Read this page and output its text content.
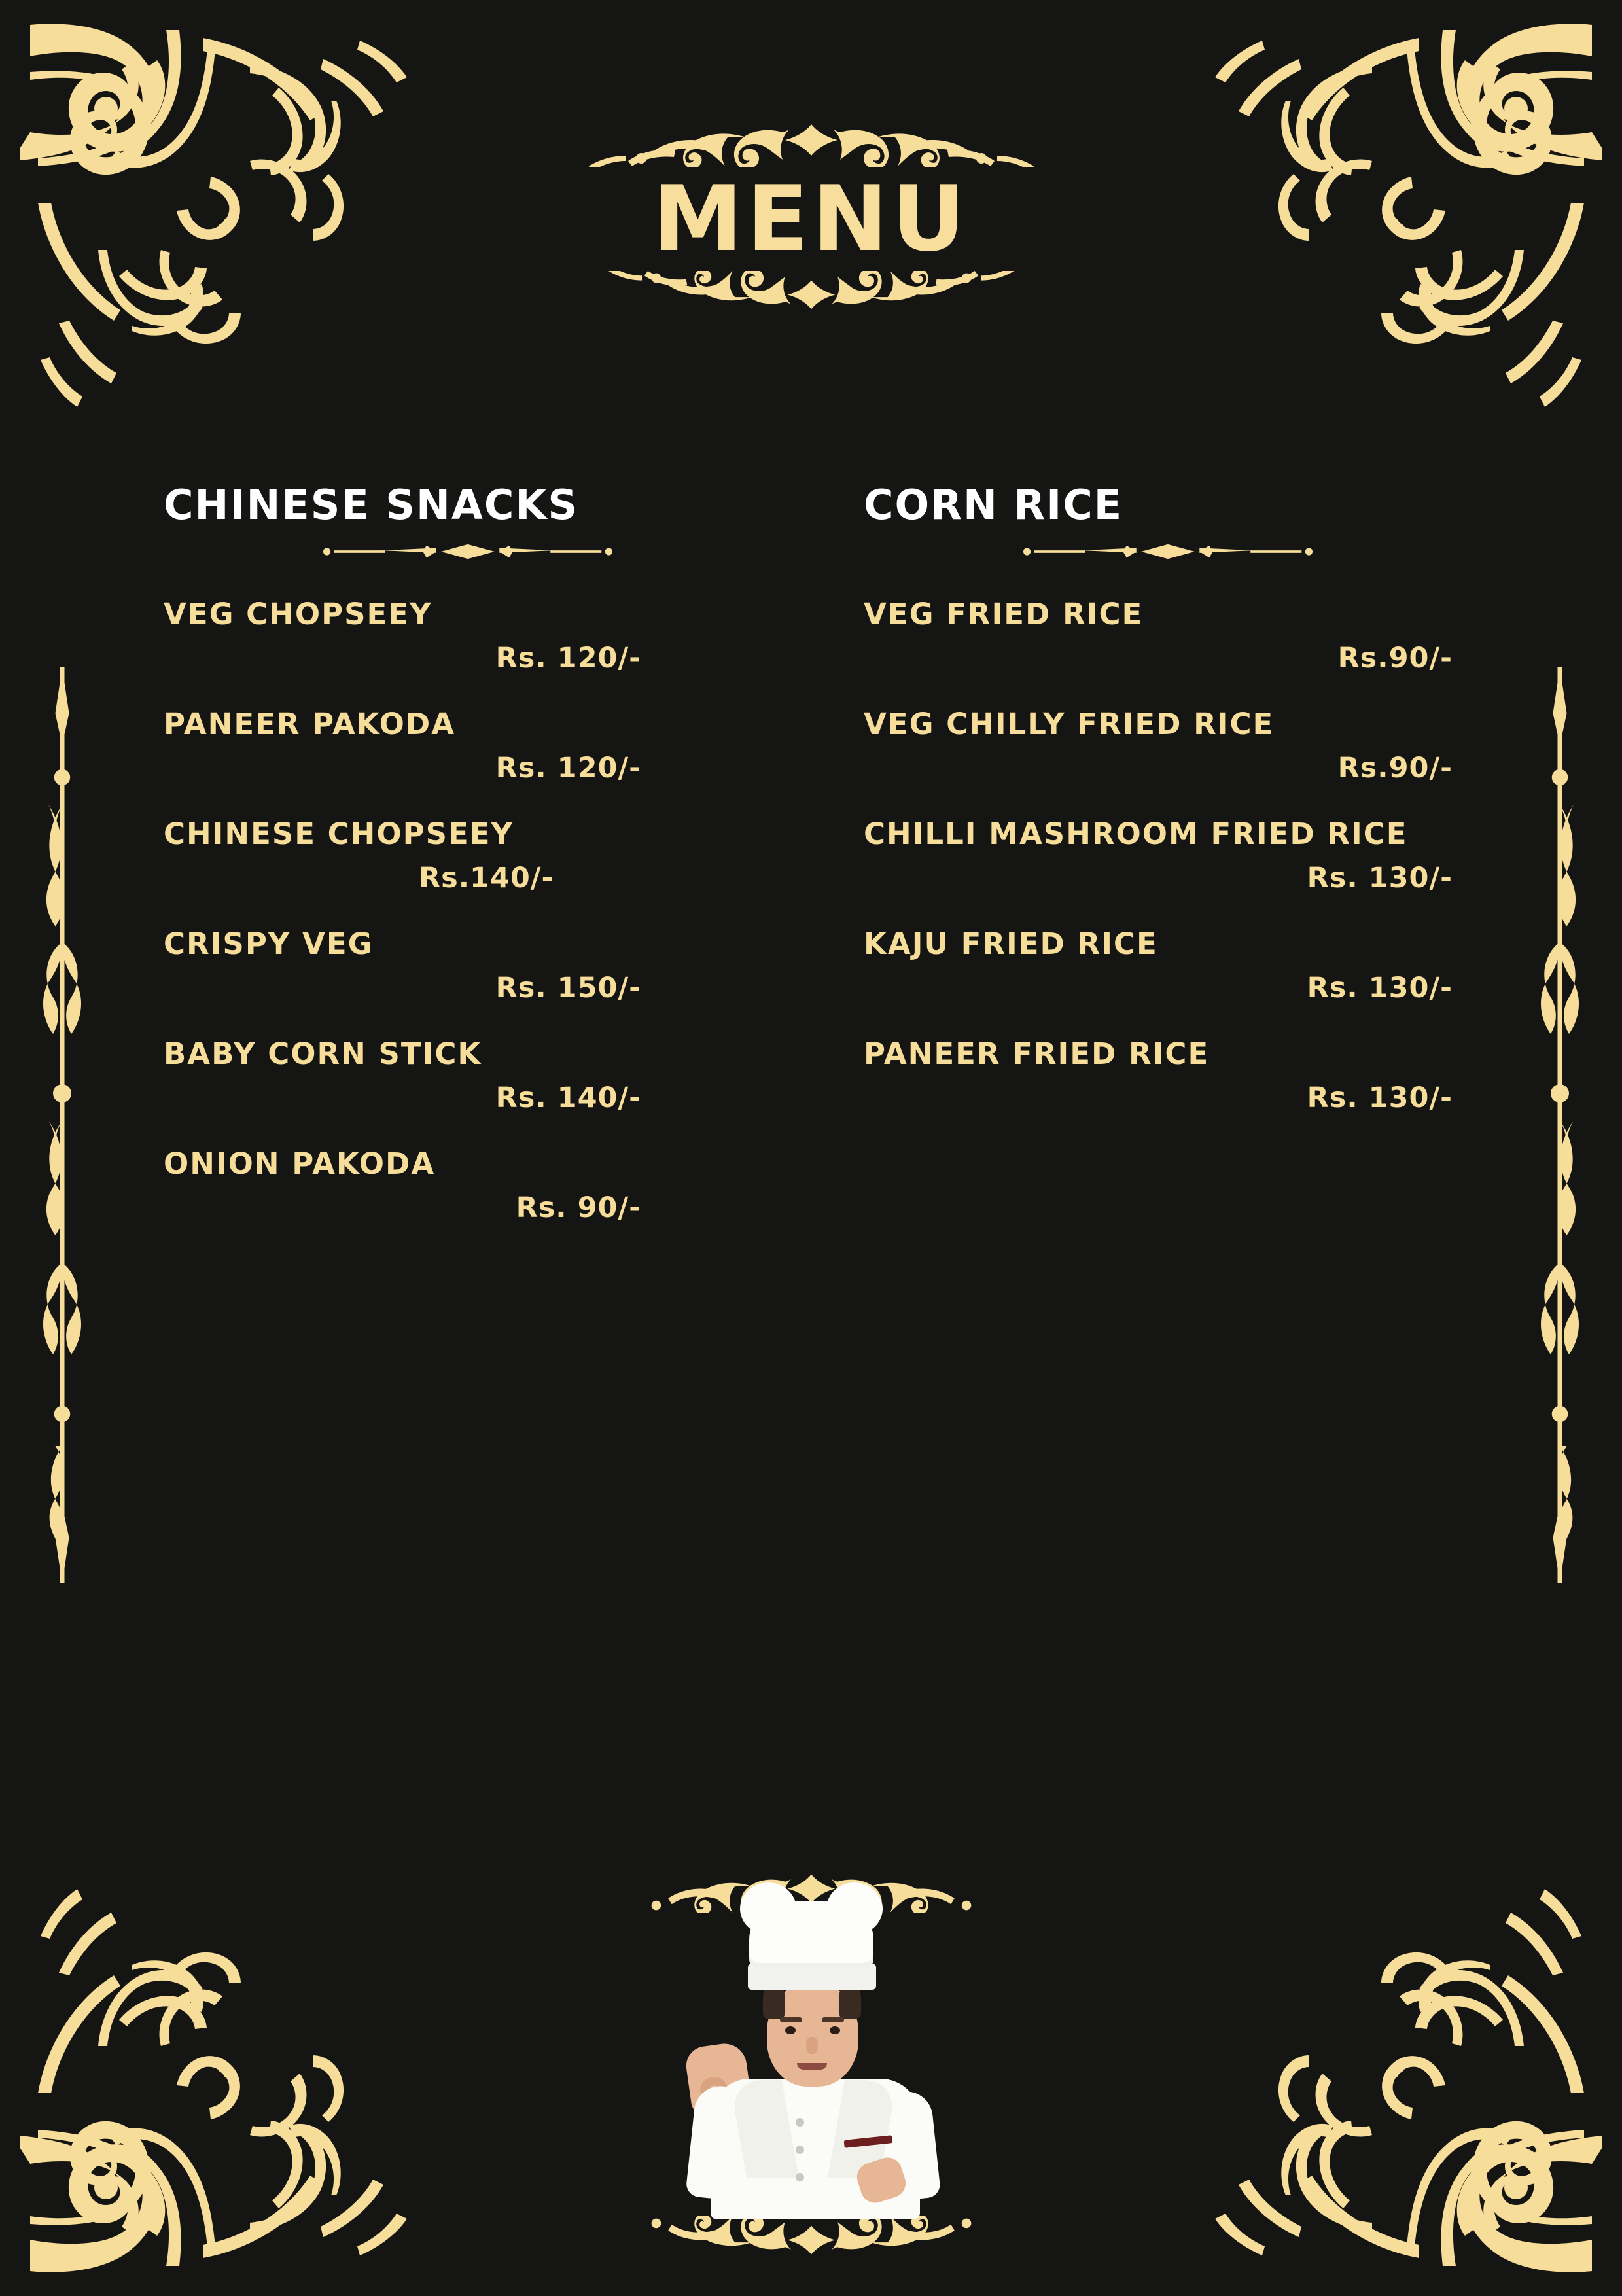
MENU
CHINESE SNACKS
VEG CHOPSEEY
Rs. 120/-
PANEER PAKODA
Rs. 120/-
CHINESE CHOPSEEY
Rs.140/-
CRISPY VEG
Rs. 150/-
BABY CORN STICK
Rs. 140/-
ONION PAKODA
Rs. 90/-
CORN RICE
VEG FRIED RICE
Rs.90/-
VEG CHILLY FRIED RICE
Rs.90/-
CHILLI MASHROOM FRIED RICE
Rs. 130/-
KAJU FRIED RICE
Rs. 130/-
PANEER FRIED RICE
Rs. 130/-
